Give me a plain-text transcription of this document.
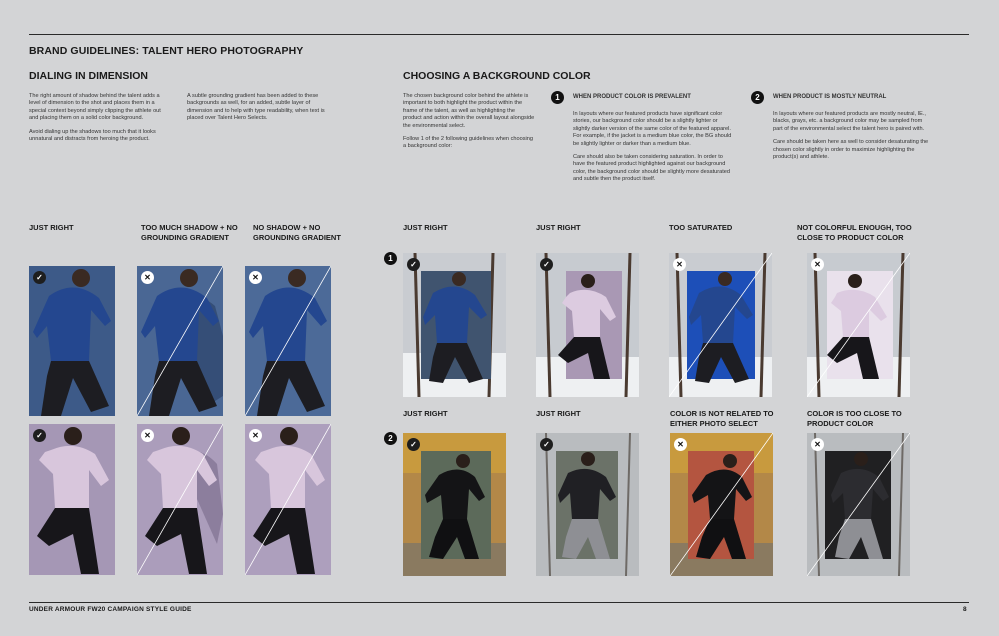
BRAND GUIDELINES: TALENT HERO PHOTOGRAPHY
DIALING IN DIMENSION

The right amount of shadow behind the talent adds a level of dimension to the shot and places them in a special context beyond simply clipping the athlete out and placing them on a solid color background.

Avoid dialing up the shadows too much that it looks unnatural and distracts from heroing the product.

A subtle grounding gradient has been added to these backgrounds as well, for an added, subtle layer of dimension and to help with type readability, when text is placed over Talent Hero Selects.

JUST RIGHT	TOO MUCH SHADOW + NO GROUNDING GRADIENT
NO SHADOW + NO GROUNDING GRADIENT
CHOOSING A BACKGROUND COLOR

The chosen background color behind the athlete is important to both highlight the product within the frame of the talent, as well as highlighting the product and action within the overall layout alongside the environmental select.

Follow 1 of the 2 following guidelines when choosing a background color:

1	WHEN PRODUCT COLOR IS PREVALENT

In layouts where our featured products have significant color stories, our background color should be a slightly lighter or slightly darker version of the same color of the featured apparel. For example, if the jacket is a medium blue color, the BG should be slightly lighter or darker than a medium blue.

Care should also be taken considering saturation. In order to have the featured product highlighted against our background color, the background color should be slightly more desaturated and subtle then the product itself.

2	WHEN PRODUCT IS MOSTLY NEUTRAL

In layouts where our featured products are mostly neutral, IE., blacks, grays, etc. a background color may be sampled from part of the environmental select the talent hero is paired with.

Care should be taken here as well to consider desaturating the chosen color slightly in order to maximize highlighting the product(s) and athlete.

JUST RIGHT	JUST RIGHT	TOO SATURATED	NOT COLORFUL ENOUGH, TOO CLOSE TO PRODUCT COLOR
1
2
JUST RIGHT	JUST RIGHT	COLOR IS NOT RELATED TO EITHER PHOTO SELECT
COLOR IS TOO CLOSE TO PRODUCT COLOR
✓	✕	✕
✓	✕	✕
✓	✓	✕	✕
✓	✓	✕	✕
UNDER ARMOUR FW20 CAMPAIGN STYLE GUIDE	8
